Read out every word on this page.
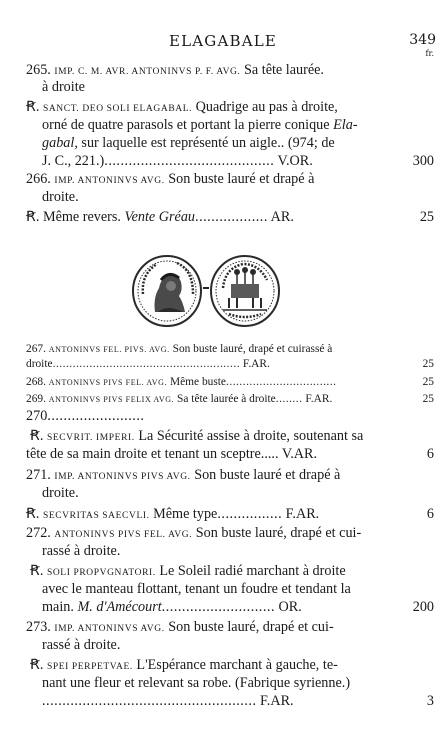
ELAGABALE	349
fr.
265. IMP. C. M. AVR. ANTONINVS P. F. AVG. Sa tête laurée.
à droite
Ꞧ. SANCT. DEO SOLI ELAGABAL. Quadrige au pas à droite,
orné de quatre parasols et portant la pierre conique Ela-
gabal, sur laquelle est représenté un aigle.. (974; de
J. C., 221.).......................................... V.OR.	300
266. IMP. ANTONINVS AVG. Son buste lauré et drapé à
droite.
Ꞧ. Même revers. Vente Gréau.................. AR.	25
267. ANTONINVS FEL. PIVS. AVG. Son buste lauré, drapé et cuirassé à
droite........................................................ F.AR.	25
268. ANTONINVS PIVS FEL. AVG. Même buste.................................	25
269. ANTONINVS PIVS FELIX AVG. Sa tête laurée à droite........ F.AR.	25
270........................
Ꞧ. SECVRIT. IMPERI. La Sécurité assise à droite, soutenant sa
tête de sa main droite et tenant un sceptre..... V.AR.	6
271. IMP. ANTONINVS PIVS AVG. Son buste lauré et drapé à
droite.
Ꞧ. SECVRITAS SAECVLI. Même type................ F.AR.	6
272. ANTONINVS PIVS FEL. AVG. Son buste lauré, drapé et cui-
rassé à droite.
Ꞧ. SOLI PROPVGNATORI. Le Soleil radié marchant à droite
avec le manteau flottant, tenant un foudre et tendant la
main. M. d'Amécourt............................ OR.	200
273. IMP. ANTONINVS AVG. Son buste lauré, drapé et cui-
rassé à droite.
Ꞧ. SPEI PERPETVAE. L'Espérance marchant à gauche, te-
nant une fleur et relevant sa robe. (Fabrique syrienne.)
..................................................... F.AR.	3
